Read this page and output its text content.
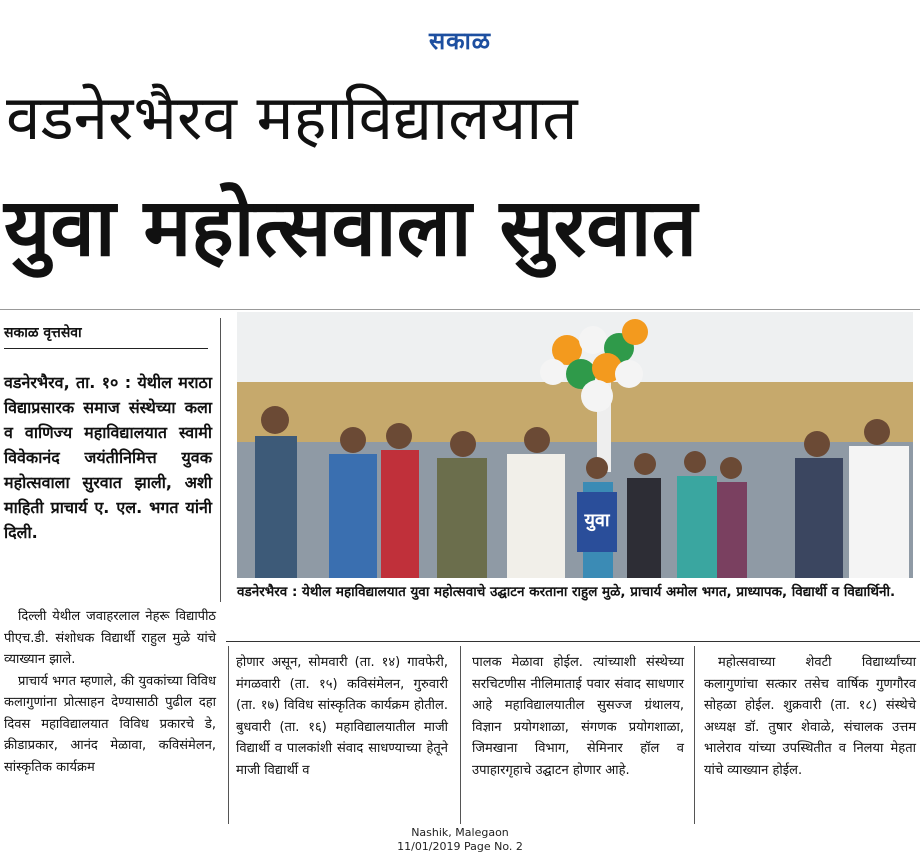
सकाळ
वडनेरभैरव महाविद्यालयात
युवा महोत्सवाला सुरवात
सकाळ वृत्तसेवा
वडनेरभैरव, ता. १० : येथील मराठा विद्याप्रसारक समाज संस्थेच्या कला व वाणिज्य महाविद्यालयात स्वामी विवेकानंद जयंतीनिमित्त युवक महोत्सवाला सुरवात झाली, अशी माहिती प्राचार्य ए. एल. भगत यांनी दिली.
युवा
वडनेरभैरव : येथील महाविद्यालयात युवा महोत्सवाचे उद्घाटन करताना राहुल मुळे, प्राचार्य अमोल भगत, प्राध्यापक, विद्यार्थी व विद्यार्थिनी.

दिल्ली येथील जवाहरलाल नेहरू विद्यापीठ पीएच.डी. संशोधक विद्यार्थी राहुल मुळे यांचे व्याख्यान झाले.

प्राचार्य भगत म्हणाले, की युवकांच्या विविध कलागुणांना प्रोत्साहन देण्यासाठी पुढील दहा दिवस महाविद्यालयात विविध प्रकारचे डे, क्रीडाप्रकार, आनंद मेळावा, कविसंमेलन, सांस्कृतिक कार्यक्रम

होणार असून, सोमवारी (ता. १४) गावफेरी, मंगळवारी (ता. १५) कविसंमेलन, गुरुवारी (ता. १७) विविध सांस्कृतिक कार्यक्रम होतील. बुधवारी (ता. १६) महाविद्यालयातील माजी विद्यार्थी व पालकांशी संवाद साधण्याच्या हेतूने माजी विद्यार्थी व

पालक मेळावा होईल. त्यांच्याशी संस्थेच्या सरचिटणीस नीलिमाताई पवार संवाद साधणार आहे महाविद्यालयातील सुसज्ज ग्रंथालय, विज्ञान प्रयोगशाळा, संगणक प्रयोगशाळा, जिमखाना विभाग, सेमिनार हॉल व उपाहारगृहाचे उद्घाटन होणार आहे.

महोत्सवाच्या शेवटी विद्यार्थ्यांच्या कलागुणांचा सत्कार तसेच वार्षिक गुणगौरव सोहळा होईल. शुक्रवारी (ता. १८) संस्थेचे अध्यक्ष डॉ. तुषार शेवाळे, संचालक उत्तम भालेराव यांच्या उपस्थितीत व निलया मेहता यांचे व्याख्यान होईल.

Nashik, Malegaon
11/01/2019 Page No. 2
